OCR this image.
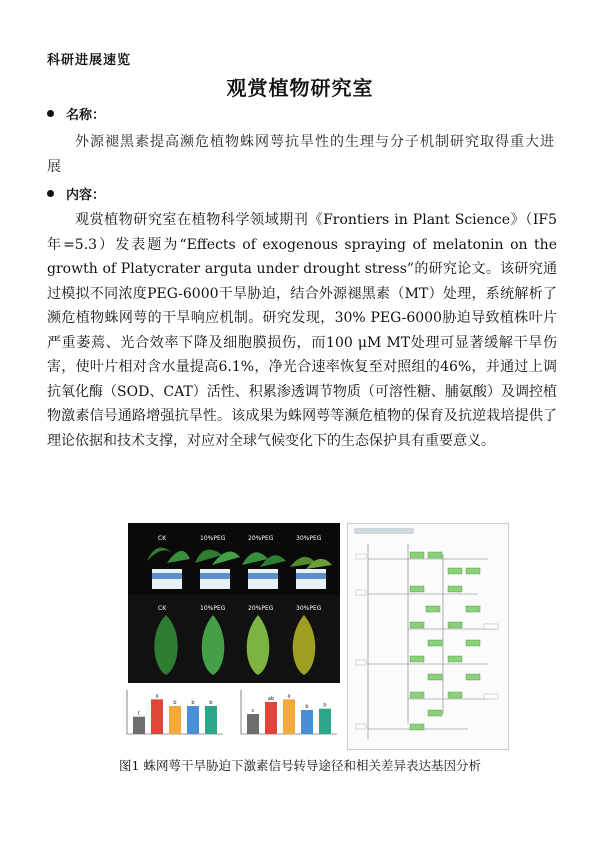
科研进展速览
观赏植物研究室
名称：
外源褪黑素提高濒危植物蛛网萼抗旱性的生理与分子机制研究取得重大进展
内容：
观赏植物研究室在植物科学领域期刊《Frontiers in Plant Science》（IF5年=5.3）发表题为“Effects of exogenous spraying of melatonin on the growth of Platycrater arguta under drought stress”的研究论文。该研究通过模拟不同浓度PEG-6000干旱胁迫，结合外源褪黑素（MT）处理，系统解析了濒危植物蛛网萼的干旱响应机制。研究发现，30% PEG-6000胁迫导致植株叶片严重萎蔫、光合效率下降及细胞膜损伤，而100 μM MT处理可显著缓解干旱伤害，使叶片相对含水量提高6.1%，净光合速率恢复至对照组的46%，并通过上调抗氧化酶（SOD、CAT）活性、积累渗透调节物质（可溶性糖、脯氨酸）及调控植物激素信号通路增强抗旱性。该成果为蛛网萼等濒危植物的保育及抗逆栽培提供了理论依据和技术支撑，对应对全球气候变化下的生态保护具有重要意义。
CK	10%PEG	20%PEG	30%PEG
CK	10%PEG	20%PEG	30%PEG
c
a
b	b	b
c
ab	a
b	b
图1 蛛网萼干旱胁迫下激素信号转导途径和相关差异表达基因分析
